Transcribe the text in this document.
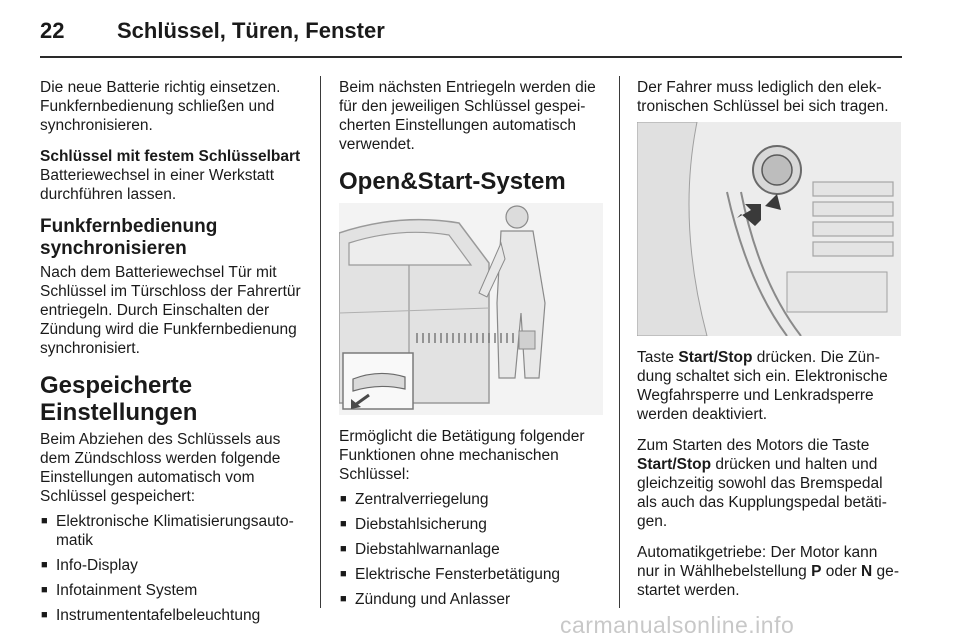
22 Schlüssel, Türen, Fenster

Die neue Batterie richtig einsetzen. Funkfernbedienung schließen und synchronisieren.

Schlüssel mit festem Schlüsselbart

Batteriewechsel in einer Werkstatt durchführen lassen.

Funkfernbedienung synchronisieren

Nach dem Batteriewechsel Tür mit Schlüssel im Türschloss der Fahrertür entriegeln. Durch Einschalten der Zündung wird die Funkfernbedienung synchronisiert.

Gespeicherte Einstellungen

Beim Abziehen des Schlüssels aus dem Zündschloss werden folgende Einstellungen automatisch vom Schlüssel gespeichert:

■ Elektronische Klimatisierungsautomatik
■ Info-Display
■ Infotainment System
■ Instrumententafelbeleuchtung

Beim nächsten Entriegeln werden die für den jeweiligen Schlüssel gespeicherten Einstellungen automatisch verwendet.

Open&Start-System

Ermöglicht die Betätigung folgender Funktionen ohne mechanischen Schlüssel:

■ Zentralverriegelung
■ Diebstahlsicherung
■ Diebstahlwarnanlage
■ Elektrische Fensterbetätigung
■ Zündung und Anlasser

Der Fahrer muss lediglich den elektronischen Schlüssel bei sich tragen.

Taste Start/Stop drücken. Die Zündung schaltet sich ein. Elektronische Wegfahrsperre und Lenkradsperre werden deaktiviert.

Zum Starten des Motors die Taste Start/Stop drücken und halten und gleichzeitig sowohl das Bremspedal als auch das Kupplungspedal betätigen.

Automatikgetriebe: Der Motor kann nur in Wählhebelstellung P oder N gestartet werden.

carmanualsonline.info
